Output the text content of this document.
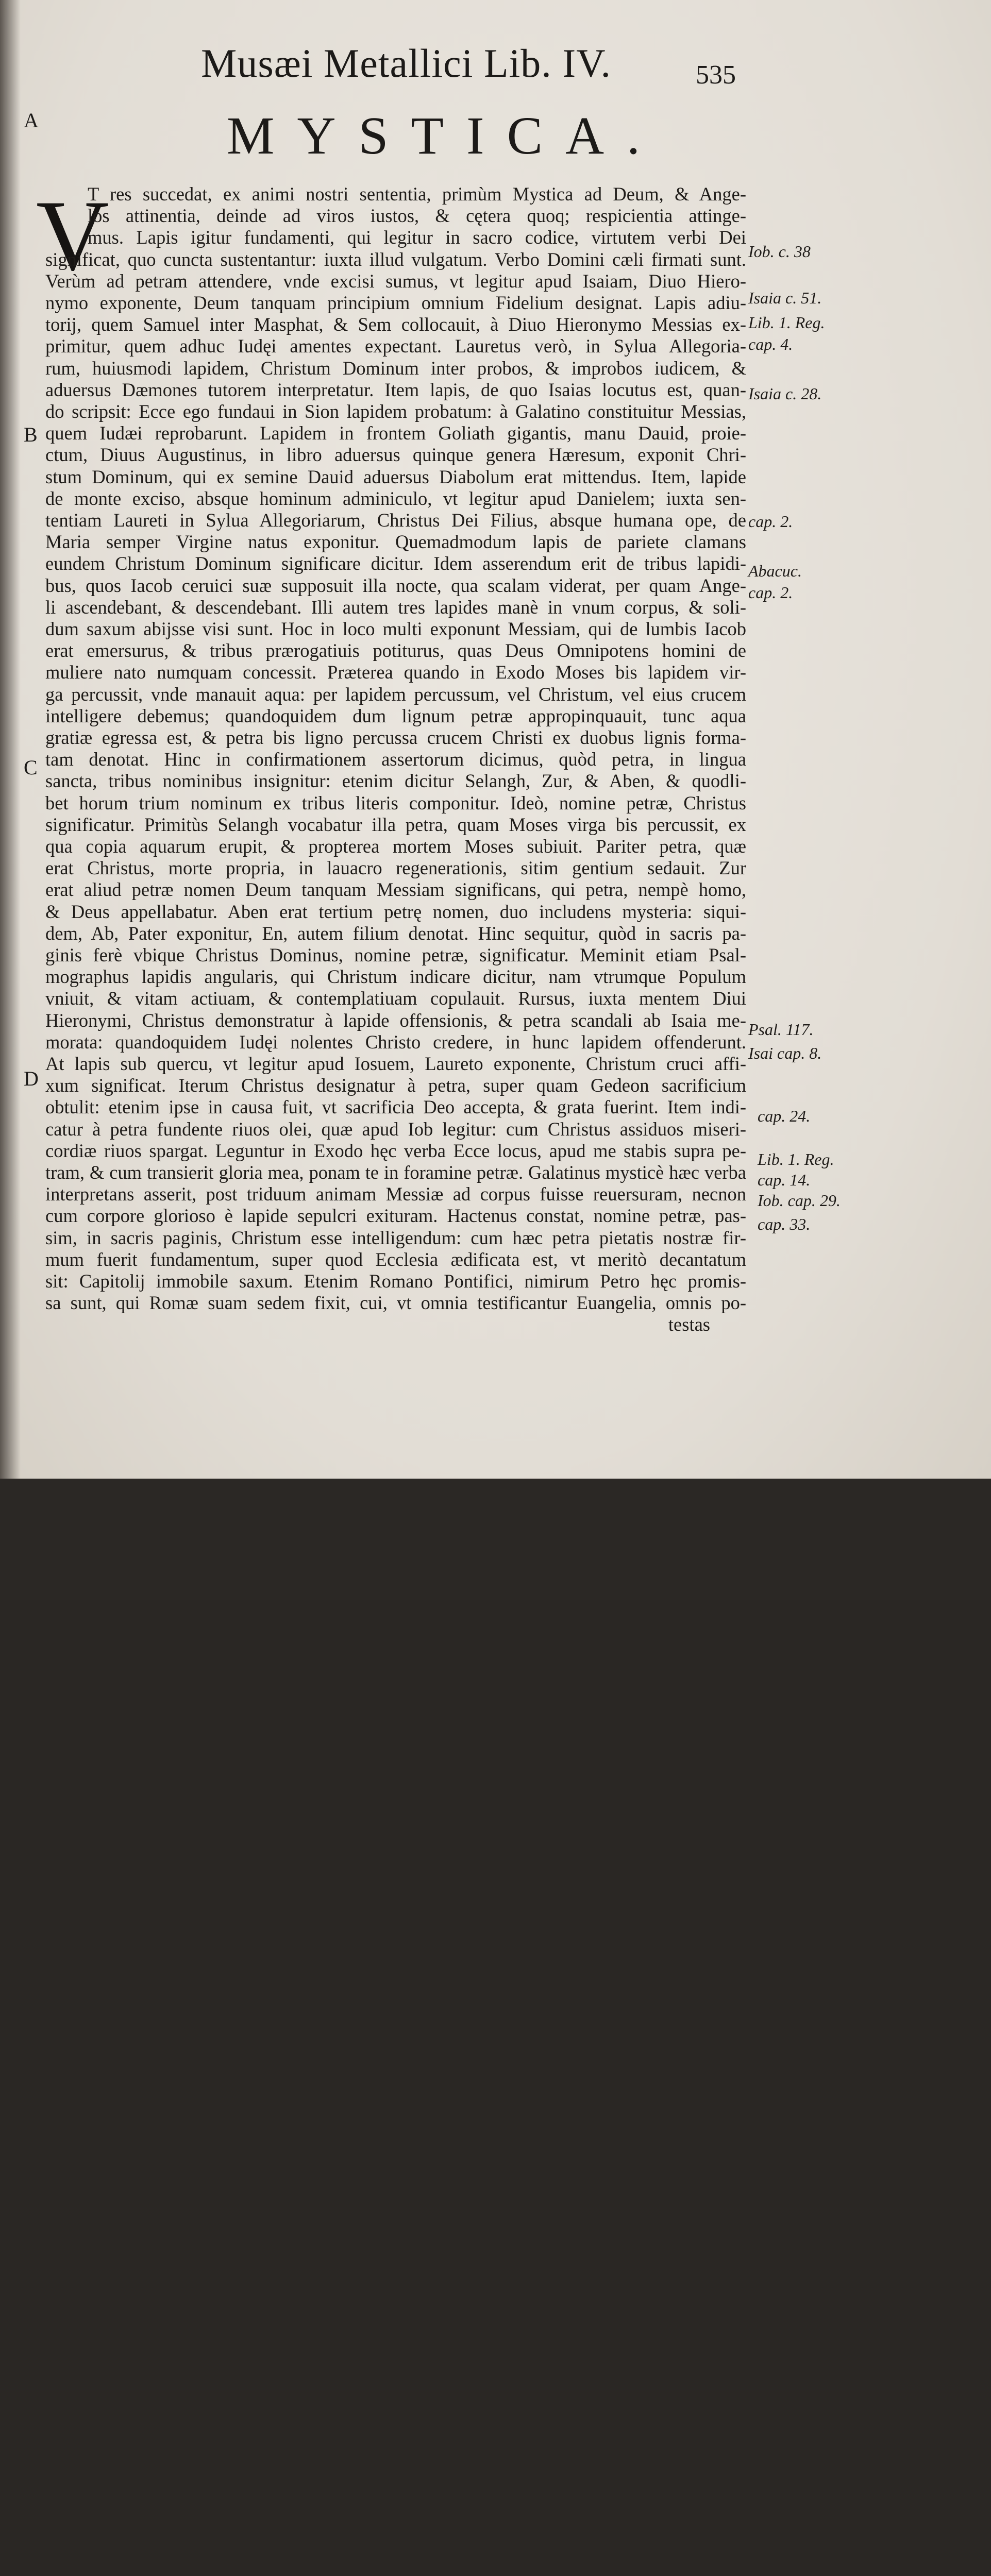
Musæi Metallici Lib. IV.	535
MYSTICA.
A
B
C
D
V
T res succedat, ex animi nostri sententia, primùm Mystica ad Deum, & Ange-
los attinentia, deinde ad viros iustos, & cętera quoq; respicientia attinge-
mus. Lapis igitur fundamenti, qui legitur in sacro codice, virtutem verbi Dei
significat, quo cuncta sustentantur: iuxta illud vulgatum. Verbo Domini cæli firmati sunt.
Verùm ad petram attendere, vnde excisi sumus, vt legitur apud Isaiam, Diuo Hiero-
nymo exponente, Deum tanquam principium omnium Fidelium designat. Lapis adiu-
torij, quem Samuel inter Masphat, & Sem collocauit, à Diuo Hieronymo Messias ex-
primitur, quem adhuc Iudęi amentes expectant. Lauretus verò, in Sylua Allegoria-
rum, huiusmodi lapidem, Christum Dominum inter probos, & improbos iudicem, &
aduersus Dæmones tutorem interpretatur. Item lapis, de quo Isaias locutus est, quan-
do scripsit: Ecce ego fundaui in Sion lapidem probatum: à Galatino constituitur Messias,
quem Iudæi reprobarunt. Lapidem in frontem Goliath gigantis, manu Dauid, proie-
ctum, Diuus Augustinus, in libro aduersus quinque genera Hæresum, exponit Chri-
stum Dominum, qui ex semine Dauid aduersus Diabolum erat mittendus. Item, lapide
de monte exciso, absque hominum adminiculo, vt legitur apud Danielem; iuxta sen-
tentiam Laureti in Sylua Allegoriarum, Christus Dei Filius, absque humana ope, de
Maria semper Virgine natus exponitur. Quemadmodum lapis de pariete clamans
eundem Christum Dominum significare dicitur. Idem asserendum erit de tribus lapidi-
bus, quos Iacob ceruici suæ supposuit illa nocte, qua scalam viderat, per quam Ange-
li ascendebant, & descendebant. Illi autem tres lapides manè in vnum corpus, & soli-
dum saxum abijsse visi sunt. Hoc in loco multi exponunt Messiam, qui de lumbis Iacob
erat emersurus, & tribus prærogatiuis potiturus, quas Deus Omnipotens homini de
muliere nato numquam concessit. Præterea quando in Exodo Moses bis lapidem vir-
ga percussit, vnde manauit aqua: per lapidem percussum, vel Christum, vel eius crucem
intelligere debemus; quandoquidem dum lignum petræ appropinquauit, tunc aqua
gratiæ egressa est, & petra bis ligno percussa crucem Christi ex duobus lignis forma-
tam denotat. Hinc in confirmationem assertorum dicimus, quòd petra, in lingua
sancta, tribus nominibus insignitur: etenim dicitur Selangh, Zur, & Aben, & quodli-
bet horum trium nominum ex tribus literis componitur. Ideò, nomine petræ, Christus
significatur. Primitùs Selangh vocabatur illa petra, quam Moses virga bis percussit, ex
qua copia aquarum erupit, & propterea mortem Moses subiuit. Pariter petra, quæ
erat Christus, morte propria, in lauacro regenerationis, sitim gentium sedauit. Zur
erat aliud petræ nomen Deum tanquam Messiam significans, qui petra, nempè homo,
& Deus appellabatur. Aben erat tertium petrę nomen, duo includens mysteria: siqui-
dem, Ab, Pater exponitur, En, autem filium denotat. Hinc sequitur, quòd in sacris pa-
ginis ferè vbique Christus Dominus, nomine petræ, significatur. Meminit etiam Psal-
mographus lapidis angularis, qui Christum indicare dicitur, nam vtrumque Populum
vniuit, & vitam actiuam, & contemplatiuam copulauit. Rursus, iuxta mentem Diui
Hieronymi, Christus demonstratur à lapide offensionis, & petra scandali ab Isaia me-
morata: quandoquidem Iudęi nolentes Christo credere, in hunc lapidem offenderunt.
At lapis sub quercu, vt legitur apud Iosuem, Laureto exponente, Christum cruci affi-
xum significat. Iterum Christus designatur à petra, super quam Gedeon sacrificium
obtulit: etenim ipse in causa fuit, vt sacrificia Deo accepta, & grata fuerint. Item indi-
catur à petra fundente riuos olei, quæ apud Iob legitur: cum Christus assiduos miseri-
cordiæ riuos spargat. Leguntur in Exodo hęc verba Ecce locus, apud me stabis supra pe-
tram, & cum transierit gloria mea, ponam te in foramine petræ. Galatinus mysticè hæc verba
interpretans asserit, post triduum animam Messiæ ad corpus fuisse reuersuram, necnon
cum corpore glorioso è lapide sepulcri exituram. Hactenus constat, nomine petræ, pas-
sim, in sacris paginis, Christum esse intelligendum: cum hæc petra pietatis nostræ fir-
mum fuerit fundamentum, super quod Ecclesia ædificata est, vt meritò decantatum
sit: Capitolij immobile saxum. Etenim Romano Pontifici, nimirum Petro hęc promis-
sa sunt, qui Romæ suam sedem fixit, cui, vt omnia testificantur Euangelia, omnis po-
testas
Iob. c. 38
Isaia c. 51.
Lib. 1. Reg.
cap. 4.
Isaia c. 28.
cap. 2.
Abacuc.
cap. 2.
Psal. 117.
Isai cap. 8.
cap. 24.
Lib. 1. Reg.
cap. 14.
Iob. cap. 29.
cap. 33.
